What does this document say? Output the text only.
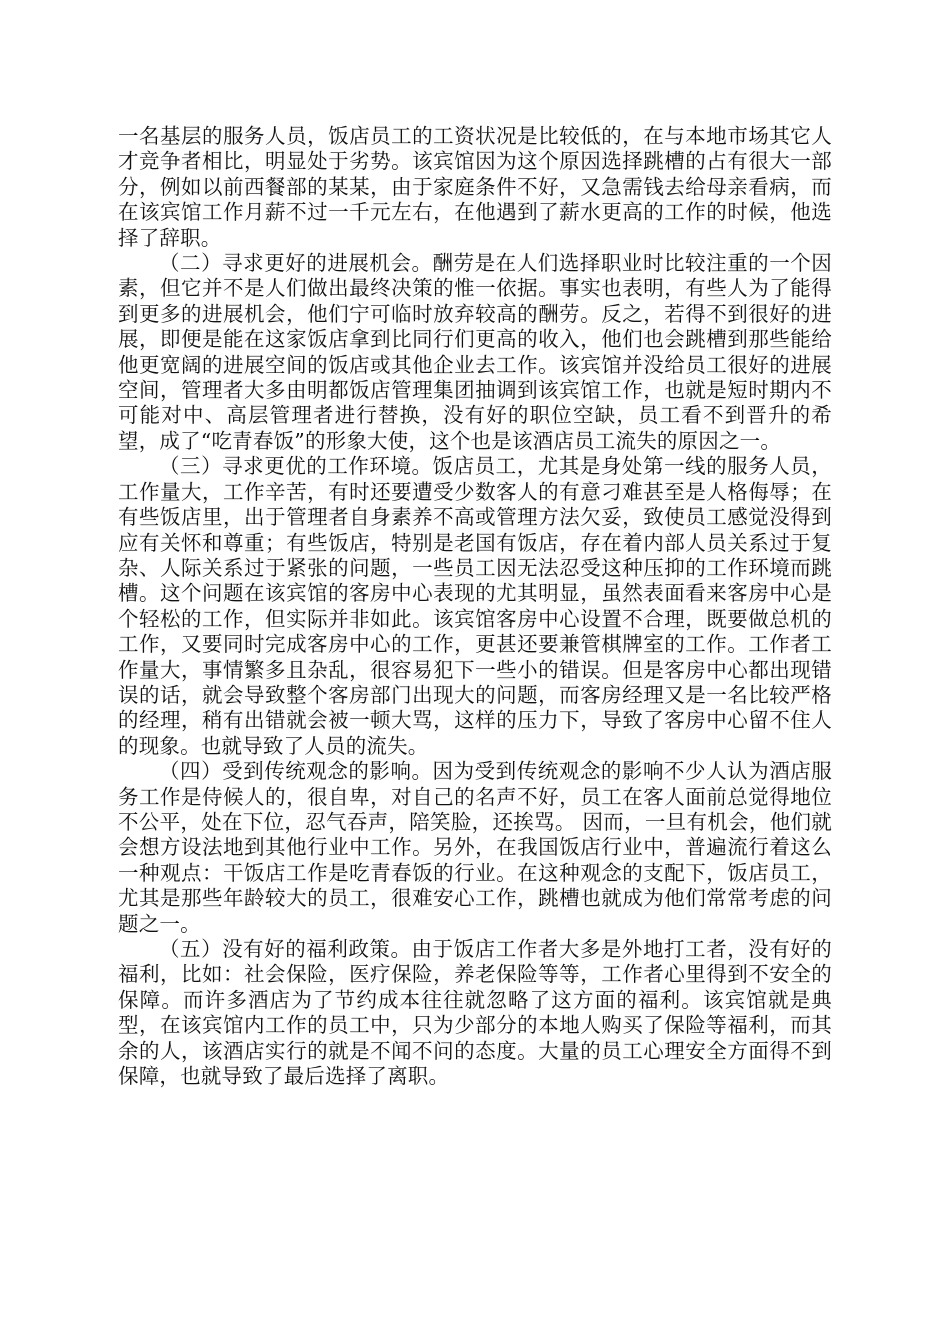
一名基层的服务人员，饭店员工的工资状况是比较低的，在与本地市场其它人才竞争者相比，明显处于劣势。该宾馆因为这个原因选择跳槽的占有很大一部分，例如以前西餐部的某某，由于家庭条件不好，又急需钱去给母亲看病，而在该宾馆工作月薪不过一千元左右，在他遇到了薪水更高的工作的时候，他选择了辞职。

（二）寻求更好的进展机会。酬劳是在人们选择职业时比较注重的一个因素，但它并不是人们做出最终决策的惟一依据。事实也表明，有些人为了能得到更多的进展机会，他们宁可临时放弃较高的酬劳。反之，若得不到很好的进展，即便是能在这家饭店拿到比同行们更高的收入，他们也会跳槽到那些能给他更宽阔的进展空间的饭店或其他企业去工作。该宾馆并没给员工很好的进展空间，管理者大多由明都饭店管理集团抽调到该宾馆工作，也就是短时期内不可能对中、高层管理者进行替换，没有好的职位空缺，员工看不到晋升的希望，成了“吃青春饭”的形象大使，这个也是该酒店员工流失的原因之一。

（三）寻求更优的工作环境。饭店员工，尤其是身处第一线的服务人员，工作量大，工作辛苦，有时还要遭受少数客人的有意刁难甚至是人格侮辱；在有些饭店里，出于管理者自身素养不高或管理方法欠妥，致使员工感觉没得到应有关怀和尊重；有些饭店，特别是老国有饭店，存在着内部人员关系过于复杂、人际关系过于紧张的问题，一些员工因无法忍受这种压抑的工作环境而跳槽。这个问题在该宾馆的客房中心表现的尤其明显，虽然表面看来客房中心是个轻松的工作，但实际并非如此。该宾馆客房中心设置不合理，既要做总机的工作，又要同时完成客房中心的工作，更甚还要兼管棋牌室的工作。工作者工作量大，事情繁多且杂乱，很容易犯下一些小的错误。但是客房中心都出现错误的话，就会导致整个客房部门出现大的问题，而客房经理又是一名比较严格的经理，稍有出错就会被一顿大骂，这样的压力下，导致了客房中心留不住人的现象。也就导致了人员的流失。

（四）受到传统观念的影响。因为受到传统观念的影响不少人认为酒店服务工作是侍候人的，很自卑，对自己的名声不好，员工在客人面前总觉得地位不公平，处在下位，忍气吞声，陪笑脸，还挨骂。 因而，一旦有机会，他们就会想方设法地到其他行业中工作。另外，在我国饭店行业中，普遍流行着这么一种观点：干饭店工作是吃青春饭的行业。在这种观念的支配下，饭店员工，尤其是那些年龄较大的员工，很难安心工作，跳槽也就成为他们常常考虑的问题之一。

（五）没有好的福利政策。由于饭店工作者大多是外地打工者，没有好的福利，比如：社会保险，医疗保险，养老保险等等，工作者心里得到不安全的保障。而许多酒店为了节约成本往往就忽略了这方面的福利。该宾馆就是典型，在该宾馆内工作的员工中，只为少部分的本地人购买了保险等福利，而其余的人，该酒店实行的就是不闻不问的态度。大量的员工心理安全方面得不到保障，也就导致了最后选择了离职。
